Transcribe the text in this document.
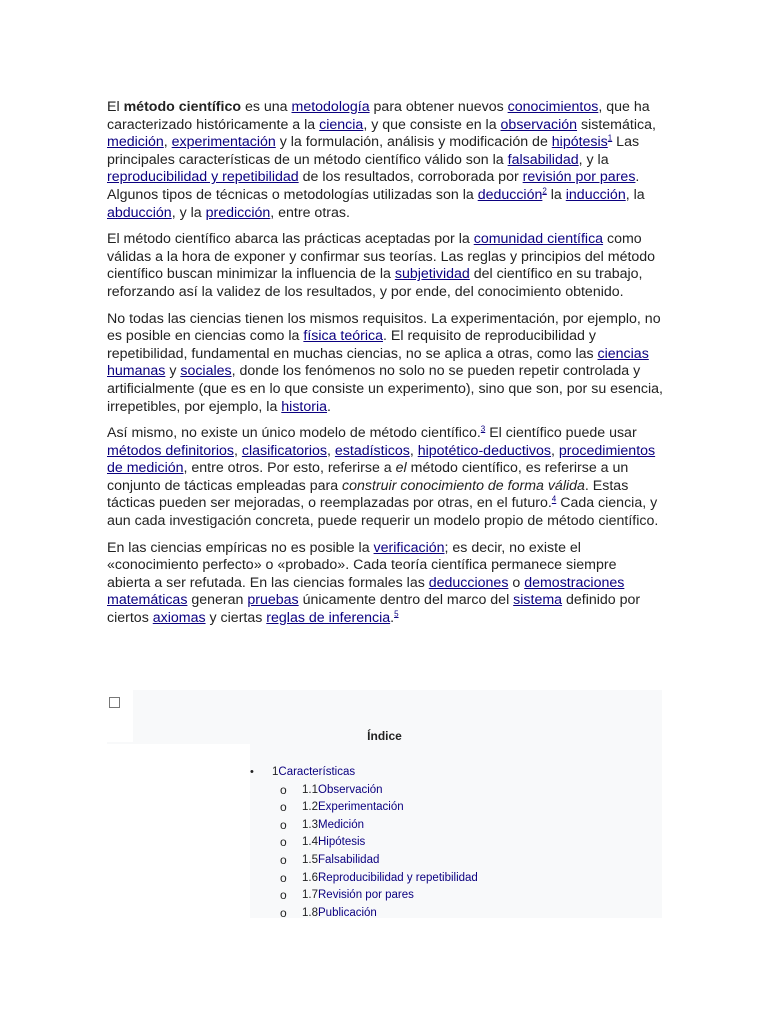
El método científico es una metodología para obtener nuevos conocimientos, que ha caracterizado históricamente a la ciencia, y que consiste en la observación sistemática, medición, experimentación y la formulación, análisis y modificación de hipótesis$^1$ Las principales características de un método científico válido son la falsabilidad, y la reproducibilidad y repetibilidad de los resultados, corroborada por revisión por pares. Algunos tipos de técnicas o metodologías utilizadas son la deducción$^2$ la inducción, la abducción, y la predicción, entre otras.

El método científico abarca las prácticas aceptadas por la comunidad científica como válidas a la hora de exponer y confirmar sus teorías. Las reglas y principios del método científico buscan minimizar la influencia de la subjetividad del científico en su trabajo, reforzando así la validez de los resultados, y por ende, del conocimiento obtenido.

No todas las ciencias tienen los mismos requisitos. La experimentación, por ejemplo, no es posible en ciencias como la física teórica. El requisito de reproducibilidad y repetibilidad, fundamental en muchas ciencias, no se aplica a otras, como las ciencias humanas y sociales, donde los fenómenos no solo no se pueden repetir controlada y artificialmente (que es en lo que consiste un experimento), sino que son, por su esencia, irrepetibles, por ejemplo, la historia.

Así mismo, no existe un único modelo de método científico.$^3$ El científico puede usar métodos definitorios, clasificatorios, estadísticos, hipotético-deductivos, procedimientos de medición, entre otros. Por esto, referirse a el método científico, es referirse a un conjunto de tácticas empleadas para construir conocimiento de forma válida. Estas tácticas pueden ser mejoradas, o reemplazadas por otras, en el futuro.$^4$ Cada ciencia, y aun cada investigación concreta, puede requerir un modelo propio de método científico.

En las ciencias empíricas no es posible la verificación; es decir, no existe el «conocimiento perfecto» o «probado». Cada teoría científica permanece siempre abierta a ser refutada. En las ciencias formales las deducciones o demostraciones matemáticas generan pruebas únicamente dentro del marco del sistema definido por ciertos axiomas y ciertas reglas de inferencia.$^5$

Índice
• 1Características
o 1.1Observación
o 1.2Experimentación
o 1.3Medición
o 1.4Hipótesis
o 1.5Falsabilidad
o 1.6Reproducibilidad y repetibilidad
o 1.7Revisión por pares
o 1.8Publicación
